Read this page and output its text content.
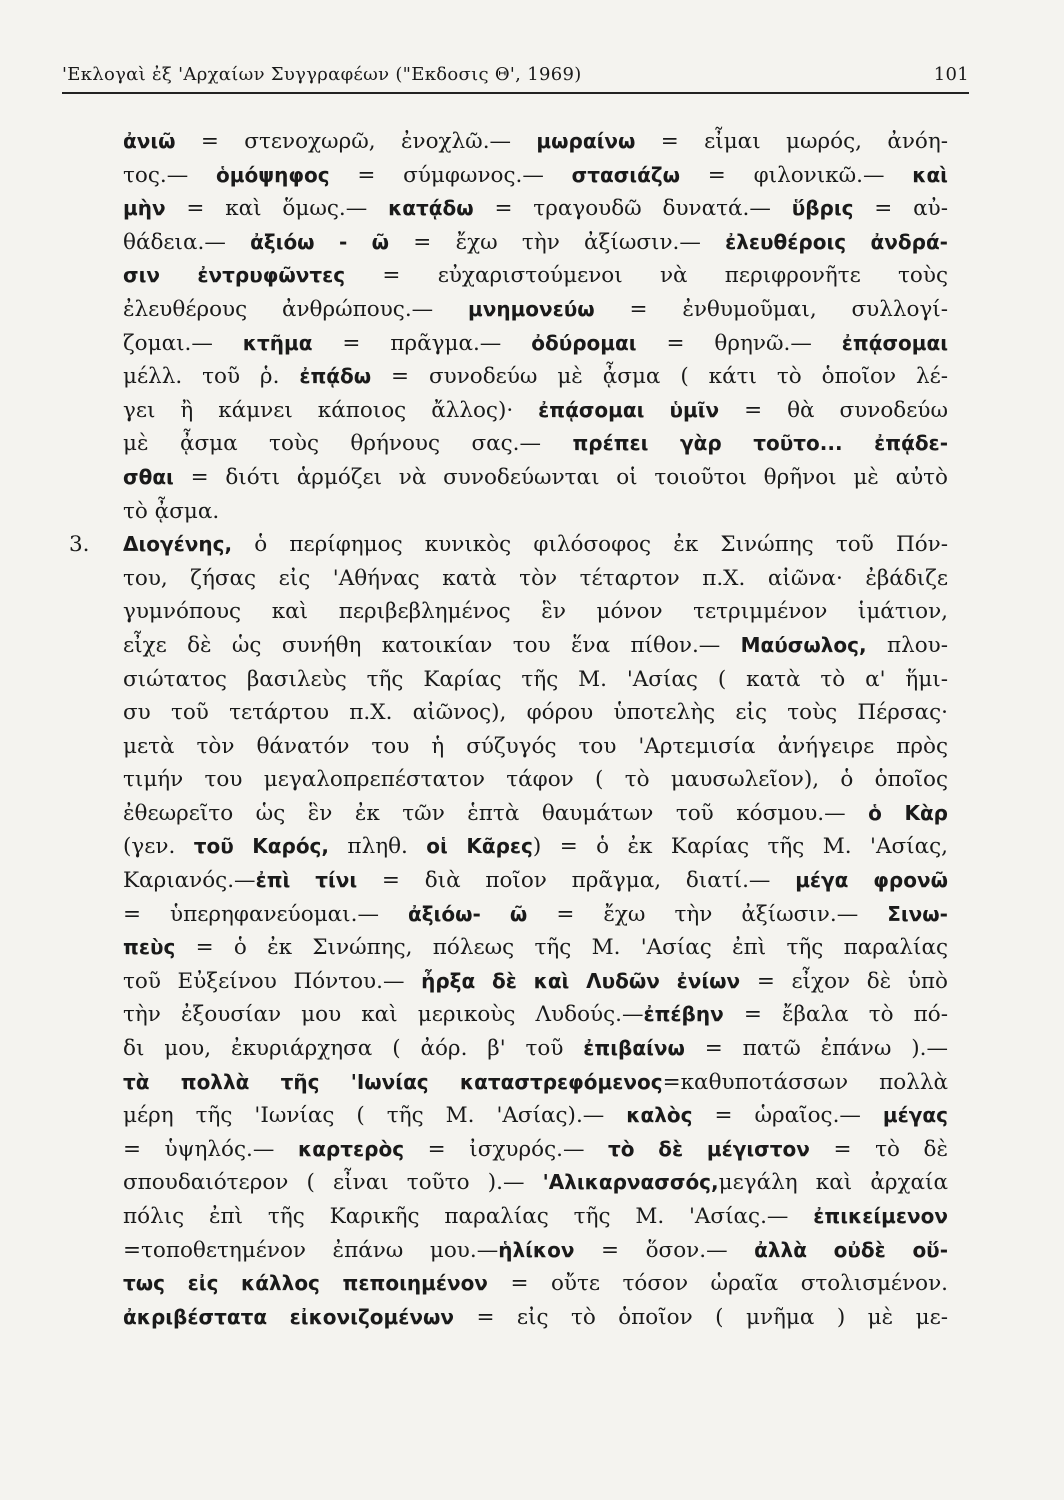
'Εκλογαὶ ἐξ 'Αρχαίων Συγγραφέων ("Εκδοσις Θ', 1969)	101
3.
ἀνιῶ = στενοχωρῶ, ἐνοχλῶ.— μωραίνω = εἶμαι μωρός, ἀνόη-
τος.— ὁμόψηφος = σύμφωνος.— στασιάζω = φιλονικῶ.— καὶ
μὴν = καὶ ὅμως.— κατᾴδω = τραγουδῶ δυνατά.— ὕβρις = αὐ-
θάδεια.— ἀξιόω - ῶ = ἔχω τὴν ἀξίωσιν.— ἐλευθέροις ἀνδρά-
σιν ἐντρυφῶντες = εὐχαριστούμενοι νὰ περιφρονῆτε τοὺς
ἐλευθέρους ἀνθρώπους.— μνημονεύω = ἐνθυμοῦμαι, συλλογί-
ζομαι.— κτῆμα = πρᾶγμα.— ὀδύρομαι = θρηνῶ.— ἐπᾴσομαι
μέλλ. τοῦ ῥ. ἐπᾴδω = συνοδεύω μὲ ᾆσμα ( κάτι τὸ ὁποῖον λέ-
γει ἢ κάμνει κάποιος ἄλλος)· ἐπᾴσομαι ὑμῖν = θὰ συνοδεύω
μὲ ᾆσμα τοὺς θρήνους σας.— πρέπει γὰρ τοῦτο... ἐπᾴδε-
σθαι = διότι ἁρμόζει νὰ συνοδεύωνται οἱ τοιοῦτοι θρῆνοι μὲ αὐτὸ
τὸ ᾆσμα.
Διογένης, ὁ περίφημος κυνικὸς φιλόσοφος ἐκ Σινώπης τοῦ Πόν-
του, ζήσας εἰς 'Αθήνας κατὰ τὸν τέταρτον π.Χ. αἰῶνα· ἐβάδιζε
γυμνόπους καὶ περιβεβλημένος ἓν μόνον τετριμμένον ἱμάτιον,
εἶχε δὲ ὡς συνήθη κατοικίαν του ἕνα πίθον.— Μαύσωλος, πλου-
σιώτατος βασιλεὺς τῆς Καρίας τῆς Μ. 'Ασίας ( κατὰ τὸ α' ἥμι-
συ τοῦ τετάρτου π.Χ. αἰῶνος), φόρου ὑποτελὴς εἰς τοὺς Πέρσας·
μετὰ τὸν θάνατόν του ἡ σύζυγός του 'Αρτεμισία ἀνήγειρε πρὸς
τιμήν του μεγαλοπρεπέστατον τάφον ( τὸ μαυσωλεῖον), ὁ ὁποῖος
ἐθεωρεῖτο ὡς ἓν ἐκ τῶν ἑπτὰ θαυμάτων τοῦ κόσμου.— ὁ Κὰρ
(γεν. τοῦ Καρός, πληθ. οἱ Κᾶρες) = ὁ ἐκ Καρίας τῆς Μ. 'Ασίας,
Καριανός.—ἐπὶ τίνι = διὰ ποῖον πρᾶγμα, διατί.— μέγα φρονῶ
= ὑπερηφανεύομαι.— ἀξιόω- ῶ = ἔχω τὴν ἀξίωσιν.— Σινω-
πεὺς = ὁ ἐκ Σινώπης, πόλεως τῆς Μ. 'Ασίας ἐπὶ τῆς παραλίας
τοῦ Εὐξείνου Πόντου.— ἦρξα δὲ καὶ Λυδῶν ἐνίων = εἶχον δὲ ὑπὸ
τὴν ἐξουσίαν μου καὶ μερικοὺς Λυδούς.—ἐπέβην = ἔβαλα τὸ πό-
δι μου, ἐκυριάρχησα ( ἀόρ. β' τοῦ ἐπιβαίνω = πατῶ ἐπάνω ).—
τὰ πολλὰ τῆς 'Ιωνίας καταστρεφόμενος=καθυποτάσσων πολλὰ
μέρη τῆς 'Ιωνίας ( τῆς Μ. 'Ασίας).— καλὸς = ὡραῖος.— μέγας
= ὑψηλός.— καρτερὸς = ἰσχυρός.— τὸ δὲ μέγιστον = τὸ δὲ
σπουδαιότερον ( εἶναι τοῦτο ).— 'Αλικαρνασσός,μεγάλη καὶ ἀρχαία
πόλις ἐπὶ τῆς Καρικῆς παραλίας τῆς Μ. 'Ασίας.— ἐπικείμενον
=τοποθετημένον ἐπάνω μου.—ἡλίκον = ὅσον.— ἀλλὰ οὐδὲ οὕ-
τως εἰς κάλλος πεποιημένον = οὔτε τόσον ὡραῖα στολισμένον.
ἀκριβέστατα εἰκονιζομένων = εἰς τὸ ὁποῖον ( μνῆμα ) μὲ με-
